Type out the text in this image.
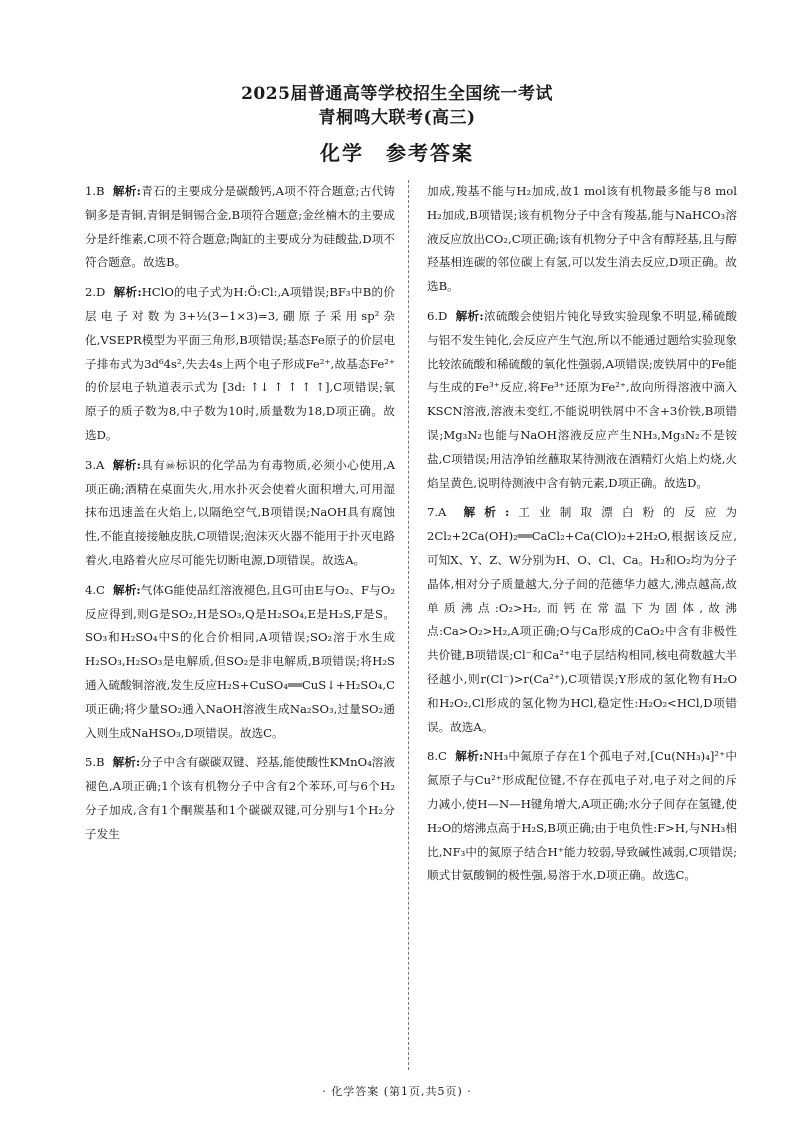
2025届普通高等学校招生全国统一考试
青桐鸣大联考(高三)
化学　参考答案

1.B 解析:青石的主要成分是碳酸钙,A项不符合题意;古代铸铜多是青铜,青铜是铜锡合金,B项符合题意;金丝楠木的主要成分是纤维素,C项不符合题意;陶缸的主要成分为硅酸盐,D项不符合题意。故选B。

2.D 解析:HClO的电子式为H:Ö:Cl:,A项错误;BF₃中B的价层电子对数为3+½(3−1×3)=3,硼原子采用sp²杂化,VSEPR模型为平面三角形,B项错误;基态Fe原子的价层电子排布式为3d⁶4s²,失去4s上两个电子形成Fe²⁺,故基态Fe²⁺的价层电子轨道表示式为 [3d: ↑↓ ↑ ↑ ↑ ↑],C项错误;氧原子的质子数为8,中子数为10时,质量数为18,D项正确。故选D。

3.A 解析:具有☠标识的化学品为有毒物质,必须小心使用,A项正确;酒精在桌面失火,用水扑灭会使着火面积增大,可用湿抹布迅速盖在火焰上,以隔绝空气,B项错误;NaOH具有腐蚀性,不能直接接触皮肤,C项错误;泡沫灭火器不能用于扑灭电路着火,电路着火应尽可能先切断电源,D项错误。故选A。

4.C 解析:气体G能使品红溶液褪色,且G可由E与O₂、F与O₂反应得到,则G是SO₂,H是SO₃,Q是H₂SO₄,E是H₂S,F是S。SO₃和H₂SO₄中S的化合价相同,A项错误;SO₂溶于水生成H₂SO₃,H₂SO₃是电解质,但SO₂是非电解质,B项错误;将H₂S通入硫酸铜溶液,发生反应H₂S+CuSO₄══CuS↓+H₂SO₄,C项正确;将少量SO₂通入NaOH溶液生成Na₂SO₃,过量SO₂通入则生成NaHSO₃,D项错误。故选C。

5.B 解析:分子中含有碳碳双键、羟基,能使酸性KMnO₄溶液褪色,A项正确;1个该有机物分子中含有2个苯环,可与6个H₂分子加成,含有1个酮羰基和1个碳碳双键,可分别与1个H₂分子发生

加成,羧基不能与H₂加成,故1 mol该有机物最多能与8 mol H₂加成,B项错误;该有机物分子中含有羧基,能与NaHCO₃溶液反应放出CO₂,C项正确;该有机物分子中含有醇羟基,且与醇羟基相连碳的邻位碳上有氢,可以发生消去反应,D项正确。故选B。

6.D 解析:浓硫酸会使铝片钝化导致实验现象不明显,稀硫酸与铝不发生钝化,会反应产生气泡,所以不能通过题给实验现象比较浓硫酸和稀硫酸的氧化性强弱,A项错误;废铁屑中的Fe能与生成的Fe³⁺反应,将Fe³⁺还原为Fe²⁺,故向所得溶液中滴入KSCN溶液,溶液未变红,不能说明铁屑中不含+3价铁,B项错误;Mg₃N₂也能与NaOH溶液反应产生NH₃,Mg₃N₂不是铵盐,C项错误;用洁净铂丝蘸取某待测液在酒精灯火焰上灼烧,火焰呈黄色,说明待测液中含有钠元素,D项正确。故选D。

7.A 解析:工业制取漂白粉的反应为2Cl₂+2Ca(OH)₂══CaCl₂+Ca(ClO)₂+2H₂O,根据该反应,可知X、Y、Z、W分别为H、O、Cl、Ca。H₂和O₂均为分子晶体,相对分子质量越大,分子间的范德华力越大,沸点越高,故单质沸点:O₂>H₂,而钙在常温下为固体,故沸点:Ca>O₂>H₂,A项正确;O与Ca形成的CaO₂中含有非极性共价键,B项错误;Cl⁻和Ca²⁺电子层结构相同,核电荷数越大半径越小,则r(Cl⁻)>r(Ca²⁺),C项错误;Y形成的氢化物有H₂O和H₂O₂,Cl形成的氢化物为HCl,稳定性:H₂O₂<HCl,D项错误。故选A。

8.C 解析:NH₃中氮原子存在1个孤电子对,[Cu(NH₃)₄]²⁺中氮原子与Cu²⁺形成配位键,不存在孤电子对,电子对之间的斥力减小,使H—N—H键角增大,A项正确;水分子间存在氢键,使H₂O的熔沸点高于H₂S,B项正确;由于电负性:F>H,与NH₃相比,NF₃中的氮原子结合H⁺能力较弱,导致碱性减弱,C项错误;顺式甘氨酸铜的极性强,易溶于水,D项正确。故选C。

· 化学答案 (第1页,共5页) ·
